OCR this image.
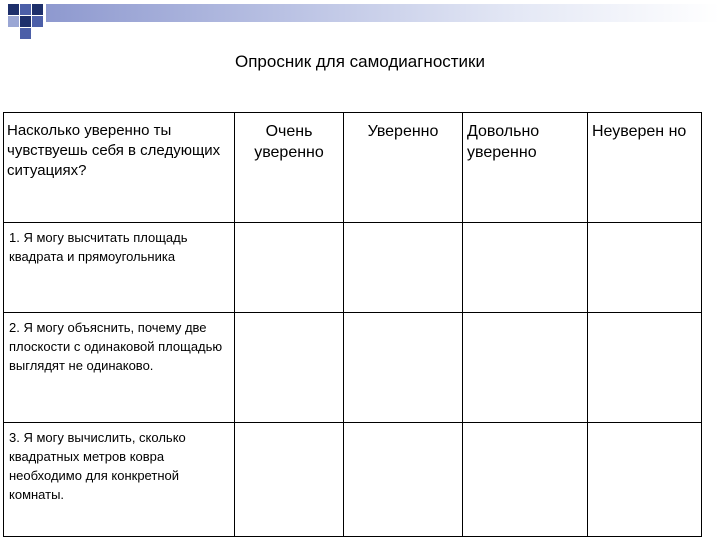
Опросник для самодиагностики
Насколько уверенно ты чувствуешь себя в следующих ситуациях?	Очень уверенно	Уверенно	Довольно уверенно	Неуверен но
1. Я могу высчитать площадь квадрата и прямоугольника				
2. Я могу объяснить, почему две плоскости с одинаковой площадью выглядят не одинаково.				
3. Я могу вычислить, сколько квадратных метров ковра необходимо для конкретной комнаты.				
